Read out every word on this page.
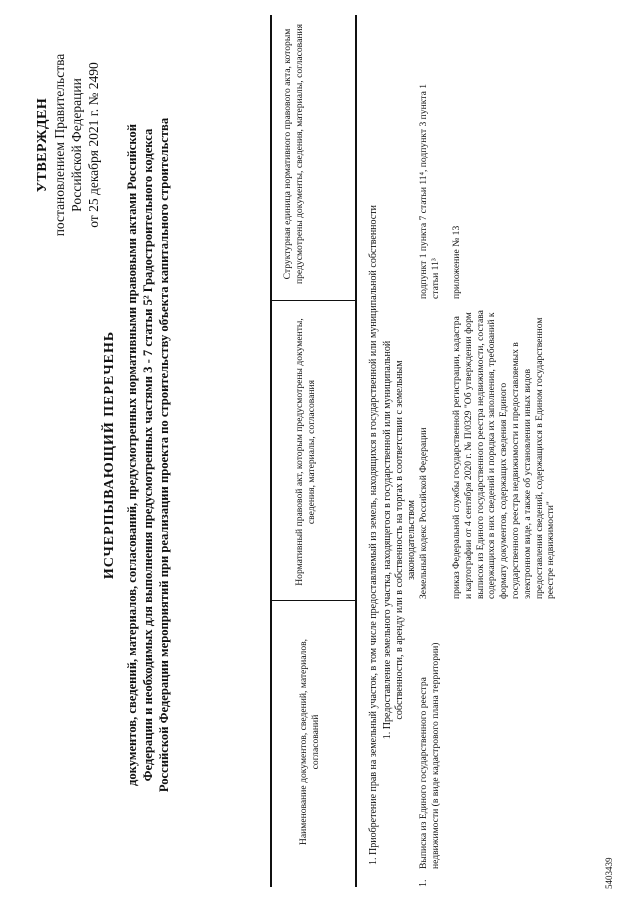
УТВЕРЖДЕН постановлением Правительства Российской Федерации от 25 декабря 2021 г. № 2490
ИСЧЕРПЫВАЮЩИЙ ПЕРЕЧЕНЬ документов, сведений, материалов, согласований, предусмотренных нормативными правовыми актами Российской Федерации и необходимых для выполнения предусмотренных частями 3 - 7 статьи 5² Градостроительного кодекса Российской Федерации мероприятий при реализации проекта по строительству объекта капитального строительства	Наименование документов, сведений, материалов, согласований
Нормативный правовой акт, которым предусмотрены документы, сведения, материалы, согласования
Структурная единица нормативного правового акта, которым предусмотрены документы, сведения, материалы, согласования
1. Приобретение прав на земельный участок, в том числе предоставляемый из земель, находящихся в государственной или муниципальной собственности 1. Предоставление земельного участка, находящегося в государственной или муниципальной собственности, в аренду или в собственность на торгах в соответствии с земельным законодательством
1.
Выписка из Единого государственного реестра недвижимости (в виде кадастрового плана территории)
Земельный кодекс Российской Федерации
подпункт 1 пункта 7 статьи 11⁴, подпункт 3 пункта 1 статьи 11³
приказ Федеральной службы государственной регистрации, кадастра и картографии от 4 сентября 2020 г. № П/0329 "Об утверждении форм выписок из Единого государственного реестра недвижимости, состава содержащихся в них сведений и порядка их заполнения, требований к формату документов, содержащих сведения Единого государственного реестра недвижимости и предоставляемых в электронном виде, а также об установлении иных видов предоставления сведений, содержащихся в Едином государственном реестре недвижимости"
приложение № 13
5403439
